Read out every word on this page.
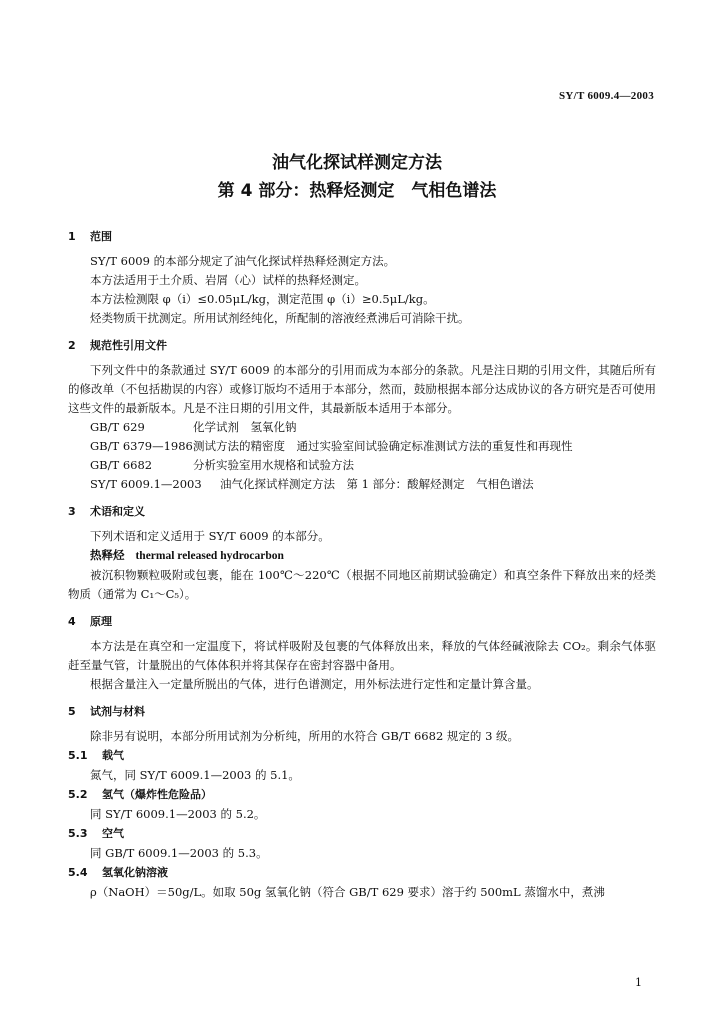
SY/T 6009.4—2003
油气化探试样测定方法
第 4 部分：热释烃测定　气相色谱法

1 范围

SY/T 6009 的本部分规定了油气化探试样热释烃测定方法。

本方法适用于土介质、岩屑（心）试样的热释烃测定。

本方法检测限 φ（i）≤0.05μL/kg，测定范围 φ（i）≥0.5μL/kg。

烃类物质干扰测定。所用试剂经纯化，所配制的溶液经煮沸后可消除干扰。

2 规范性引用文件

下列文件中的条款通过 SY/T 6009 的本部分的引用而成为本部分的条款。凡是注日期的引用文件，其随后所有的修改单（不包括勘误的内容）或修订版均不适用于本部分，然而，鼓励根据本部分达成协议的各方研究是否可使用这些文件的最新版本。凡是不注日期的引用文件，其最新版本适用于本部分。

GB/T 629	化学试剂　氢氧化钠
GB/T 6379—1986 测试方法的精密度　通过实验室间试验确定标准测试方法的重复性和再现性
GB/T 6682	分析实验室用水规格和试验方法
SY/T 6009.1—2003	油气化探试样测定方法　第 1 部分：酸解烃测定　气相色谱法

3 术语和定义

下列术语和定义适用于 SY/T 6009 的本部分。

热释烃 thermal released hydrocarbon

被沉积物颗粒吸附或包裹，能在 100℃～220℃（根据不同地区前期试验确定）和真空条件下释放出来的烃类物质（通常为 C₁～C₅）。

4 原理

本方法是在真空和一定温度下，将试样吸附及包裹的气体释放出来，释放的气体经碱液除去 CO₂。剩余气体驱赶至量气管，计量脱出的气体体积并将其保存在密封容器中备用。

根据含量注入一定量所脱出的气体，进行色谱测定，用外标法进行定性和定量计算含量。

5 试剂与材料

除非另有说明，本部分所用试剂为分析纯，所用的水符合 GB/T 6682 规定的 3 级。

5.1 载气

氮气，同 SY/T 6009.1—2003 的 5.1。

5.2 氢气（爆炸性危险品）

同 SY/T 6009.1—2003 的 5.2。

5.3 空气

同 GB/T 6009.1—2003 的 5.3。

5.4 氢氧化钠溶液

ρ（NaOH）＝50g/L。如取 50g 氢氧化钠（符合 GB/T 629 要求）溶于约 500mL 蒸馏水中，煮沸

1
